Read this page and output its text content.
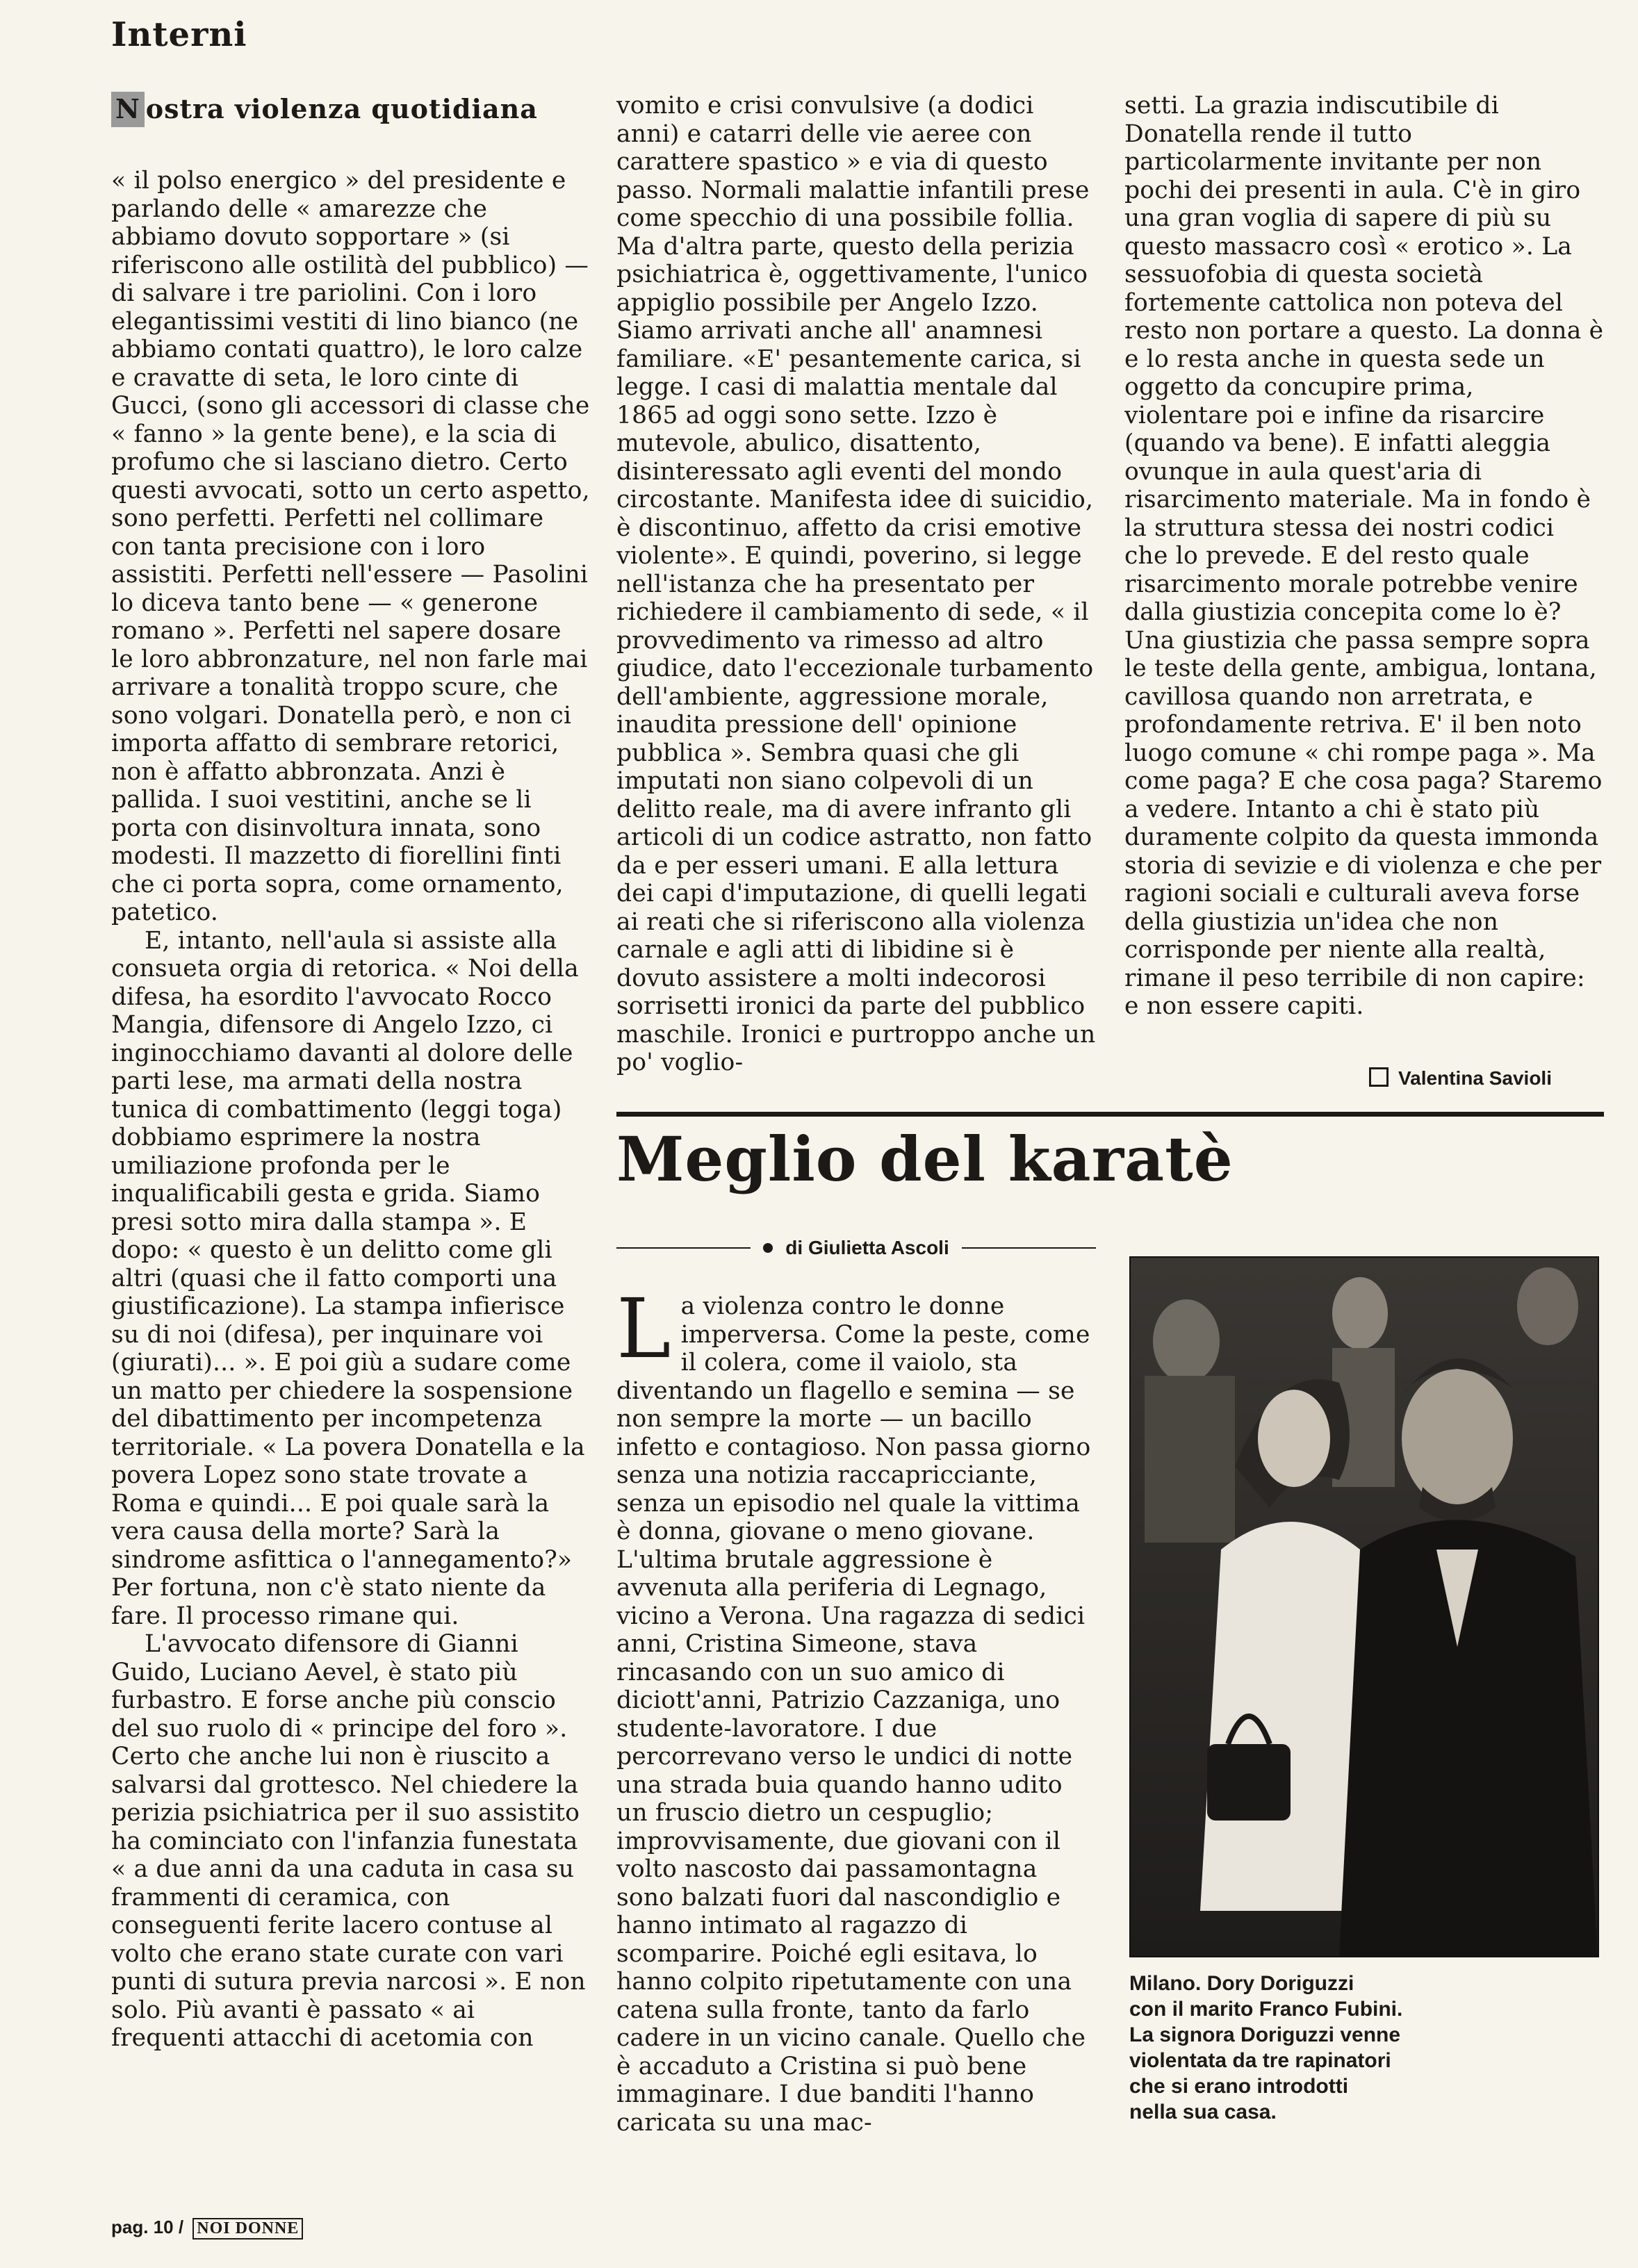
Interni
N ostra violenza quotidiana

« il polso energico » del presidente e parlando delle « amarezze che abbiamo dovuto sopportare » (si riferiscono alle ostilità del pubblico) — di salvare i tre pariolini. Con i loro elegantissimi vestiti di lino bianco (ne abbiamo contati quattro), le loro calze e cravatte di seta, le loro cinte di Gucci, (sono gli accessori di classe che « fanno » la gente bene), e la scia di profumo che si lasciano dietro. Certo questi avvocati, sotto un certo aspetto, sono perfetti. Perfetti nel collimare con tanta precisione con i loro assistiti. Perfetti nell'essere — Pasolini lo diceva tanto bene — « generone romano ». Perfetti nel sapere dosare le loro abbronzature, nel non farle mai arrivare a tonalità troppo scure, che sono volgari. Donatella però, e non ci importa affatto di sembrare retorici, non è affatto abbronzata. Anzi è pallida. I suoi vestitini, anche se li porta con disinvoltura innata, sono modesti. Il mazzetto di fiorellini finti che ci porta sopra, come ornamento, patetico.

E, intanto, nell'aula si assiste alla consueta orgia di retorica. « Noi della difesa, ha esordito l'avvocato Rocco Mangia, difensore di Angelo Izzo, ci inginocchiamo davanti al dolore delle parti lese, ma armati della nostra tunica di combattimento (leggi toga) dobbiamo esprimere la nostra umiliazione profonda per le inqualificabili gesta e grida. Siamo presi sotto mira dalla stampa ». E dopo: « questo è un delitto come gli altri (quasi che il fatto comporti una giustificazione). La stampa infierisce su di noi (difesa), per inquinare voi (giurati)... ». E poi giù a sudare come un matto per chiedere la sospensione del dibattimento per incompetenza territoriale. « La povera Donatella e la povera Lopez sono state trovate a Roma e quindi... E poi quale sarà la vera causa della morte? Sarà la sindrome asfittica o l'annegamento?» Per fortuna, non c'è stato niente da fare. Il processo rimane qui.

L'avvocato difensore di Gianni Guido, Luciano Aevel, è stato più furbastro. E forse anche più conscio del suo ruolo di « principe del foro ». Certo che anche lui non è riuscito a salvarsi dal grottesco. Nel chiedere la perizia psichiatrica per il suo assistito ha cominciato con l'infanzia funestata « a due anni da una caduta in casa su frammenti di ceramica, con conseguenti ferite lacero contuse al volto che erano state curate con vari punti di sutura previa narcosi ». E non solo. Più avanti è passato « ai frequenti attacchi di acetomia con

vomito e crisi convulsive (a dodici anni) e catarri delle vie aeree con carattere spastico » e via di questo passo. Normali malattie infantili prese come specchio di una possibile follia. Ma d'altra parte, questo della perizia psichiatrica è, oggettivamente, l'unico appiglio possibile per Angelo Izzo. Siamo arrivati anche all' anamnesi familiare. «E' pesantemente carica, si legge. I casi di malattia mentale dal 1865 ad oggi sono sette. Izzo è mutevole, abulico, disattento, disinteressato agli eventi del mondo circostante. Manifesta idee di suicidio, è discontinuo, affetto da crisi emotive violente». E quindi, poverino, si legge nell'istanza che ha presentato per richiedere il cambiamento di sede, « il provvedimento va rimesso ad altro giudice, dato l'eccezionale turbamento dell'ambiente, aggressione morale, inaudita pressione dell' opinione pubblica ». Sembra quasi che gli imputati non siano colpevoli di un delitto reale, ma di avere infranto gli articoli di un codice astratto, non fatto da e per esseri umani. E alla lettura dei capi d'imputazione, di quelli legati ai reati che si riferiscono alla violenza carnale e agli atti di libidine si è dovuto assistere a molti indecorosi sorrisetti ironici da parte del pubblico maschile. Ironici e purtroppo anche un po' voglio-

setti. La grazia indiscutibile di Donatella rende il tutto particolarmente invitante per non pochi dei presenti in aula. C'è in giro una gran voglia di sapere di più su questo massacro così « erotico ». La sessuofobia di questa società fortemente cattolica non poteva del resto non portare a questo. La donna è e lo resta anche in questa sede un oggetto da concupire prima, violentare poi e infine da risarcire (quando va bene). E infatti aleggia ovunque in aula quest'aria di risarcimento materiale. Ma in fondo è la struttura stessa dei nostri codici che lo prevede. E del resto quale risarcimento morale potrebbe venire dalla giustizia concepita come lo è? Una giustizia che passa sempre sopra le teste della gente, ambigua, lontana, cavillosa quando non arretrata, e profondamente retriva. E' il ben noto luogo comune « chi rompe paga ». Ma come paga? E che cosa paga? Staremo a vedere. Intanto a chi è stato più duramente colpito da questa immonda storia di sevizie e di violenza e che per ragioni sociali e culturali aveva forse della giustizia un'idea che non corrisponde per niente alla realtà, rimane il peso terribile di non capire: e non essere capiti.

Valentina Savioli
Meglio del karatè
di Giulietta Ascoli

La violenza contro le donne imperversa. Come la peste, come il colera, come il vaiolo, sta diventando un flagello e semina — se non sempre la morte — un bacillo infetto e contagioso. Non passa giorno senza una notizia raccapricciante, senza un episodio nel quale la vittima è donna, giovane o meno giovane. L'ultima brutale aggressione è avvenuta alla periferia di Legnago, vicino a Verona. Una ragazza di sedici anni, Cristina Simeone, stava rincasando con un suo amico di diciott'anni, Patrizio Cazzaniga, uno studente-lavoratore. I due percorrevano verso le undici di notte una strada buia quando hanno udito un fruscio dietro un cespuglio; improvvisamente, due giovani con il volto nascosto dai passamontagna sono balzati fuori dal nascondiglio e hanno intimato al ragazzo di scomparire. Poiché egli esitava, lo hanno colpito ripetutamente con una catena sulla fronte, tanto da farlo cadere in un vicino canale. Quello che è accaduto a Cristina si può bene immaginare. I due banditi l'hanno caricata su una mac-

Milano. Dory Doriguzzi

con il marito Franco Fubini.

La signora Doriguzzi venne

violentata da tre rapinatori

che si erano introdotti

nella sua casa.

pag. 10 / NOI DONNE
